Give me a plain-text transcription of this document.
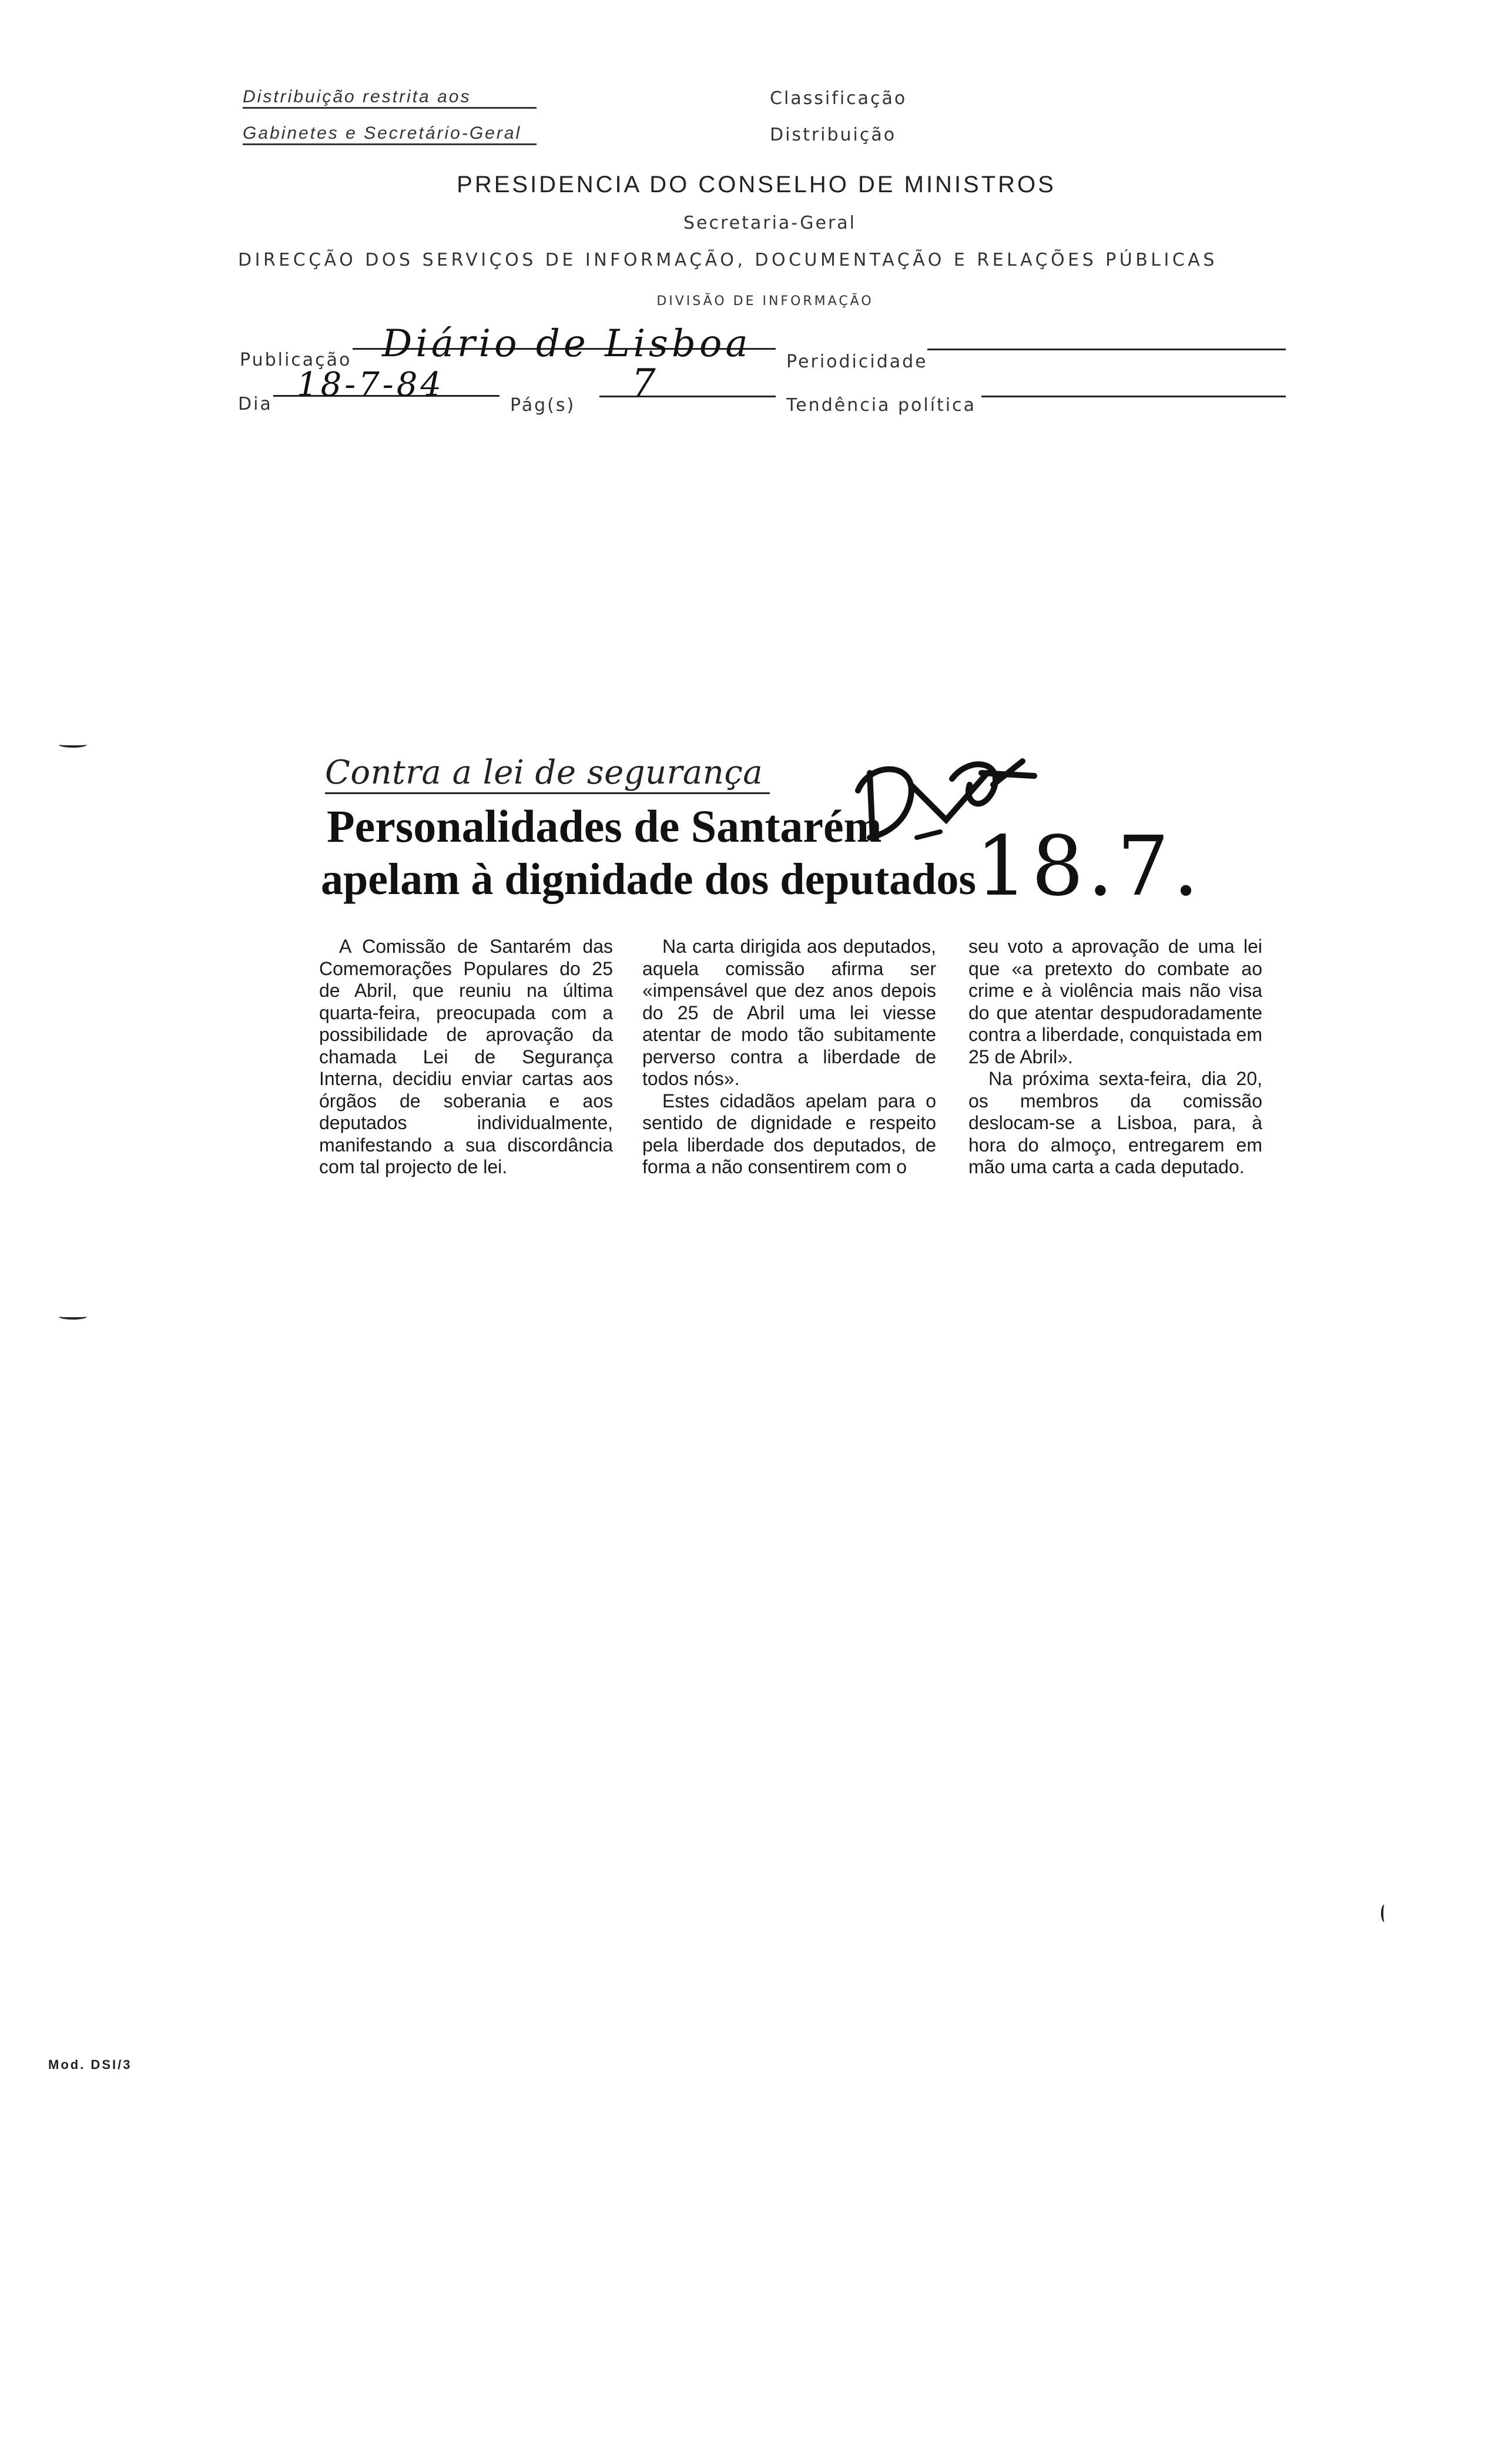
Distribuição restrita aos
Gabinetes e Secretário-Geral
Classificação
Distribuição
PRESIDENCIA DO CONSELHO DE MINISTROS
Secretaria-Geral
DIRECÇÃO DOS SERVIÇOS DE INFORMAÇÃO, DOCUMENTAÇÃO E RELAÇÕES PÚBLICAS
DIVISÃO DE INFORMAÇÃO
Publicação Diário de Lisboa Periodicidade
Dia
18-7-84
Pág(s)
7
Tendência política
Contra a lei de segurança
Personalidades de Santarém
apelam à dignidade dos deputados 18.7.

A Comissão de Santarém das Comemorações Populares do 25 de Abril, que reuniu na última quarta-feira, preocupada com a possibilidade de aprovação da chamada Lei de Segurança Interna, decidiu enviar cartas aos órgãos de soberania e aos deputados individualmente, manifestando a sua discordância com tal projecto de lei.

Na carta dirigida aos deputados, aquela comissão afirma ser «impensável que dez anos depois do 25 de Abril uma lei viesse atentar de modo tão subitamente perverso contra a liberdade de todos nós».

Estes cidadãos apelam para o sentido de dignidade e respeito pela liberdade dos deputados, de forma a não consentirem com o

seu voto a aprovação de uma lei que «a pretexto do combate ao crime e à violência mais não visa do que atentar despudoradamente contra a liberdade, conquistada em 25 de Abril».

Na próxima sexta-feira, dia 20, os membros da comissão deslocam-se a Lisboa, para, à hora do almoço, entregarem em mão uma carta a cada deputado.

Mod. DSI/3
